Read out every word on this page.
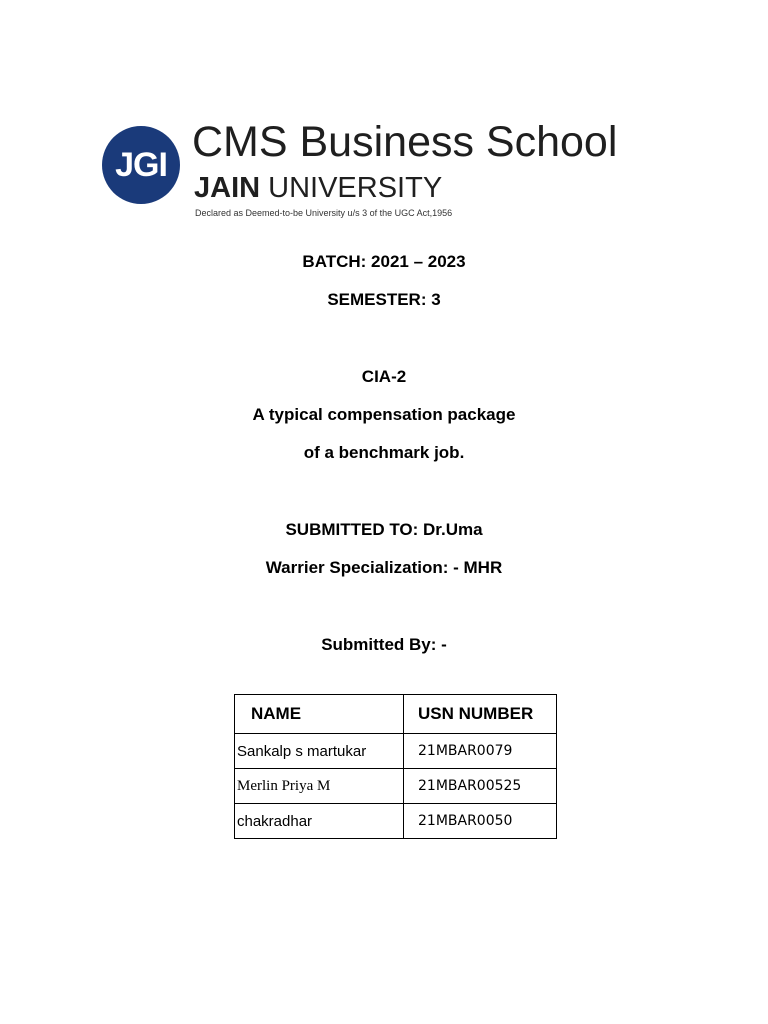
JGI CMS Business School
JAIN UNIVERSITY
Declared as Deemed-to-be University u/s 3 of the UGC Act,1956
BATCH: 2021 – 2023
SEMESTER: 3
CIA-2
A typical compensation package
of a benchmark job.
SUBMITTED TO: Dr.Uma
Warrier Specialization: - MHR
Submitted By: -
NAME	USN NUMBER
Sankalp s martukar	21MBAR0079
Merlin Priya M	21MBAR00525
chakradhar	21MBAR0050
